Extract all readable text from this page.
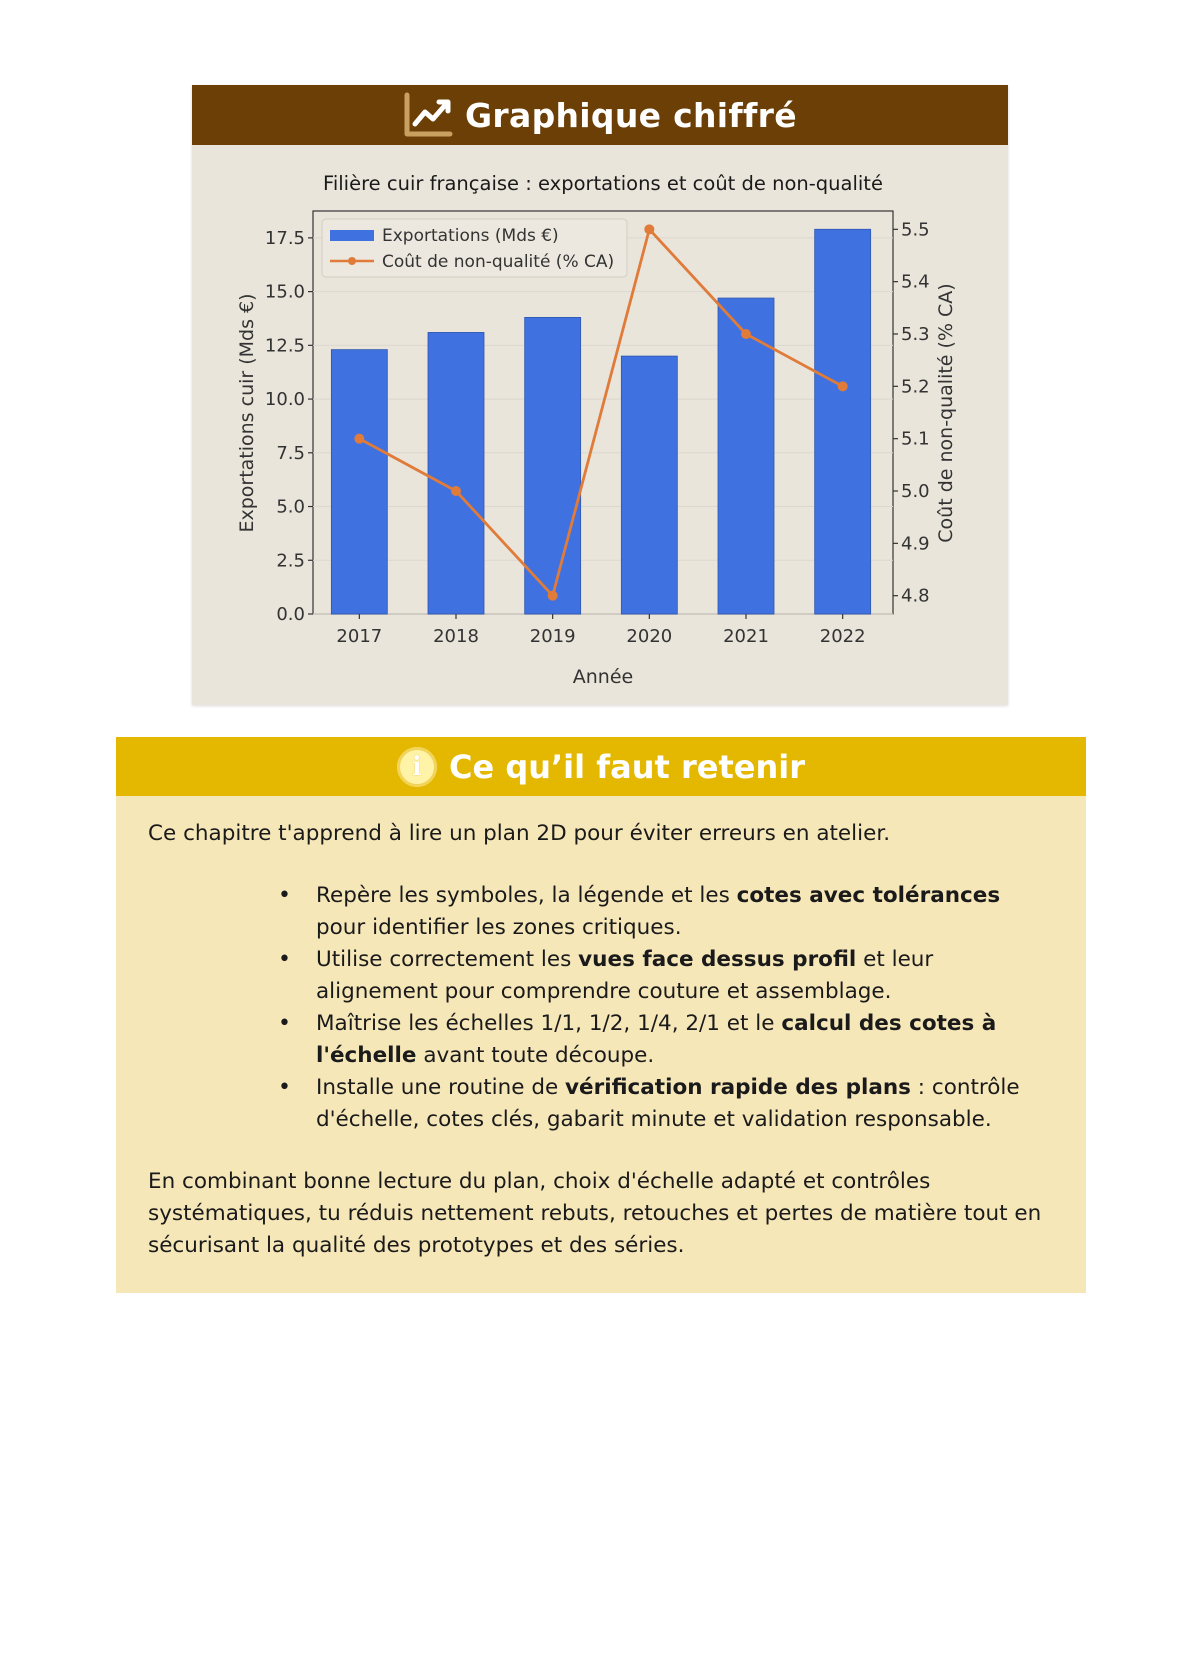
Graphique chiffré
Filière cuir française : exportations et coût de non-qualité
0.0
2.5
5.0
7.5
10.0
12.5
15.0
17.5
4.8
4.9
5.0
5.1
5.2
5.3
5.4
5.5
2017	2018	2019	2020	2021	2022
Année
Exportations cuir (Mds €)	Coût de non-qualité (% CA)
Exportations (Mds €)
Coût de non-qualité (% CA)
i Ce qu’il faut retenir

Ce chapitre t'apprend à lire un plan 2D pour éviter erreurs en atelier.

• Repère les symboles, la légende et les cotes avec tolérances pour identifier les zones critiques.
• Utilise correctement les vues face dessus profil et leur alignement pour comprendre couture et assemblage.
• Maîtrise les échelles 1/1, 1/2, 1/4, 2/1 et le calcul des cotes à l'échelle avant toute découpe.
• Installe une routine de vérification rapide des plans : contrôle d'échelle, cotes clés, gabarit minute et validation responsable.

En combinant bonne lecture du plan, choix d'échelle adapté et contrôles systématiques, tu réduis nettement rebuts, retouches et pertes de matière tout en sécurisant la qualité des prototypes et des séries.
